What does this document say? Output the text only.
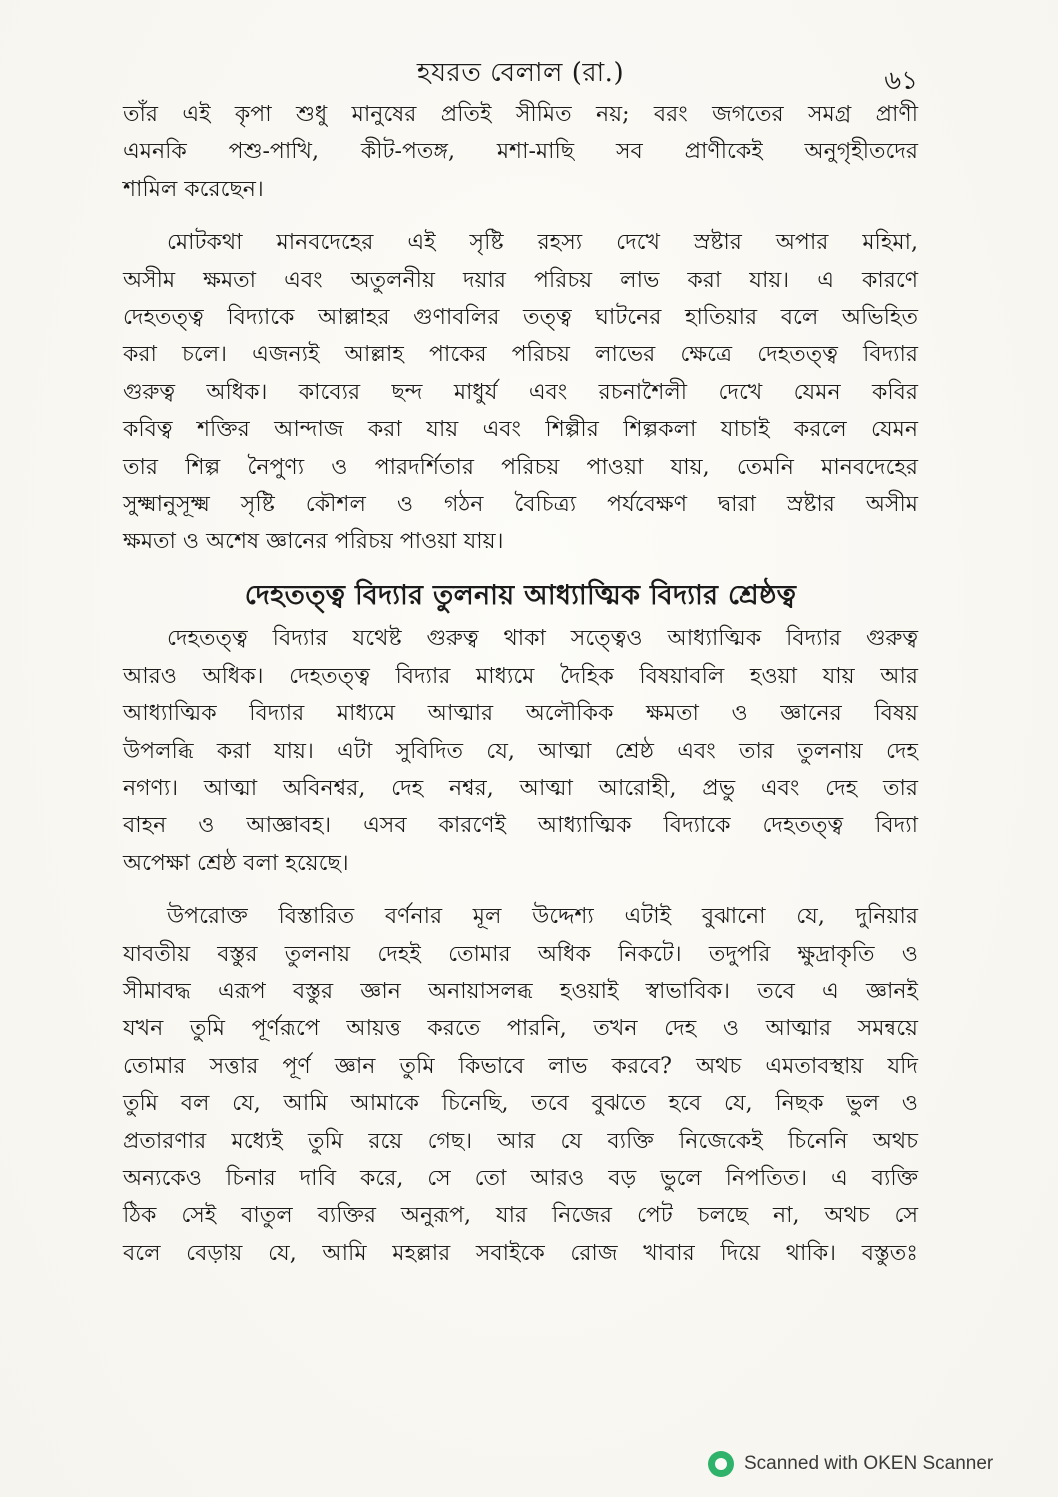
হযরত বেলাল (রা.)	৬১

তাঁর এই কৃপা শুধু মানুষের প্রতিই সীমিত নয়; বরং জগতের সমগ্র প্রাণী
এমনকি পশু-পাখি, কীট-পতঙ্গ, মশা-মাছি সব প্রাণীকেই অনুগৃহীতদের
শামিল করেছেন।

মোটকথা মানবদেহের এই সৃষ্টি রহস্য দেখে স্রষ্টার অপার মহিমা,
অসীম ক্ষমতা এবং অতুলনীয় দয়ার পরিচয় লাভ করা যায়। এ কারণে
দেহতত্ত্ব বিদ্যাকে আল্লাহর গুণাবলির তত্ত্ব ঘাটনের হাতিয়ার বলে অভিহিত
করা চলে। এজন্যই আল্লাহ পাকের পরিচয় লাভের ক্ষেত্রে দেহতত্ত্ব বিদ্যার
গুরুত্ব অধিক। কাব্যের ছন্দ মাধুর্য এবং রচনাশৈলী দেখে যেমন কবির
কবিত্ব শক্তির আন্দাজ করা যায় এবং শিল্পীর শিল্পকলা যাচাই করলে যেমন
তার শিল্প নৈপুণ্য ও পারদর্শিতার পরিচয় পাওয়া যায়, তেমনি মানবদেহের
সুক্ষ্মানুসূক্ষ্ম সৃষ্টি কৌশল ও গঠন বৈচিত্র্য পর্যবেক্ষণ দ্বারা স্রষ্টার অসীম
ক্ষমতা ও অশেষ জ্ঞানের পরিচয় পাওয়া যায়।

দেহতত্ত্ব বিদ্যার তুলনায় আধ্যাত্মিক বিদ্যার শ্রেষ্ঠত্ব

দেহতত্ত্ব বিদ্যার যথেষ্ট গুরুত্ব থাকা সত্ত্বেও আধ্যাত্মিক বিদ্যার গুরুত্ব
আরও অধিক। দেহতত্ত্ব বিদ্যার মাধ্যমে দৈহিক বিষয়াবলি হওয়া যায় আর
আধ্যাত্মিক বিদ্যার মাধ্যমে আত্মার অলৌকিক ক্ষমতা ও জ্ঞানের বিষয়
উপলব্ধি করা যায়। এটা সুবিদিত যে, আত্মা শ্রেষ্ঠ এবং তার তুলনায় দেহ
নগণ্য। আত্মা অবিনশ্বর, দেহ নশ্বর, আত্মা আরোহী, প্রভু এবং দেহ তার
বাহন ও আজ্ঞাবহ। এসব কারণেই আধ্যাত্মিক বিদ্যাকে দেহতত্ত্ব বিদ্যা
অপেক্ষা শ্রেষ্ঠ বলা হয়েছে।

উপরোক্ত বিস্তারিত বর্ণনার মূল উদ্দেশ্য এটাই বুঝানো যে, দুনিয়ার
যাবতীয় বস্তুর তুলনায় দেহই তোমার অধিক নিকটে। তদুপরি ক্ষুদ্রাকৃতি ও
সীমাবদ্ধ এরূপ বস্তুর জ্ঞান অনায়াসলব্ধ হওয়াই স্বাভাবিক। তবে এ জ্ঞানই
যখন তুমি পূর্ণরূপে আয়ত্ত করতে পারনি, তখন দেহ ও আত্মার সমন্বয়ে
তোমার সত্তার পূর্ণ জ্ঞান তুমি কিভাবে লাভ করবে? অথচ এমতাবস্থায় যদি
তুমি বল যে, আমি আমাকে চিনেছি, তবে বুঝতে হবে যে, নিছক ভুল ও
প্রতারণার মধ্যেই তুমি রয়ে গেছ। আর যে ব্যক্তি নিজেকেই চিনেনি অথচ
অন্যকেও চিনার দাবি করে, সে তো আরও বড় ভুলে নিপতিত। এ ব্যক্তি
ঠিক সেই বাতুল ব্যক্তির অনুরূপ, যার নিজের পেট চলছে না, অথচ সে
বলে বেড়ায় যে, আমি মহল্লার সবাইকে রোজ খাবার দিয়ে থাকি। বস্তুতঃ

Scanned with OKEN Scanner
